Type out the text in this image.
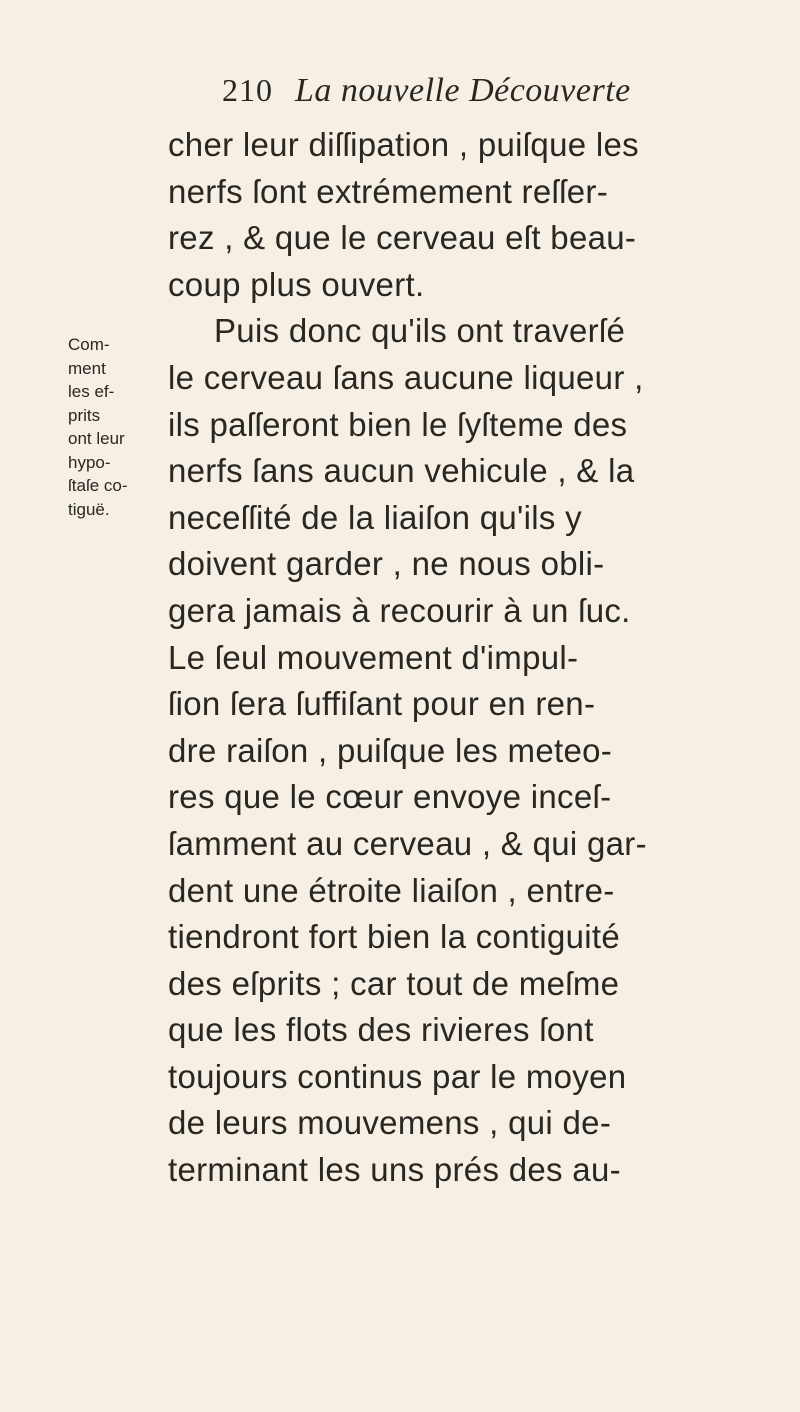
210 La nouvelle Découverte
Com-
ment
les ef-
prits
ont leur
hypo-
ſtaſe co-
tiguë.
cher leur diſſipation , puiſque les
nerfs ſont extrémement reſſer-
rez , & que le cerveau eſt beau-
coup plus ouvert.
Puis donc qu'ils ont traverſé
le cerveau ſans aucune liqueur ,
ils paſſeront bien le ſyſteme des
nerfs ſans aucun vehicule , & la
neceſſité de la liaiſon qu'ils y
doivent garder , ne nous obli-
gera jamais à recourir à un ſuc.
Le ſeul mouvement d'impul-
ſion ſera ſuffiſant pour en ren-
dre raiſon , puiſque les meteo-
res que le cœur envoye inceſ-
ſamment au cerveau , & qui gar-
dent une étroite liaiſon , entre-
tiendront fort bien la contiguité
des eſprits ; car tout de meſme
que les flots des rivieres ſont
toujours continus par le moyen
de leurs mouvemens , qui de-
terminant les uns prés des au-
